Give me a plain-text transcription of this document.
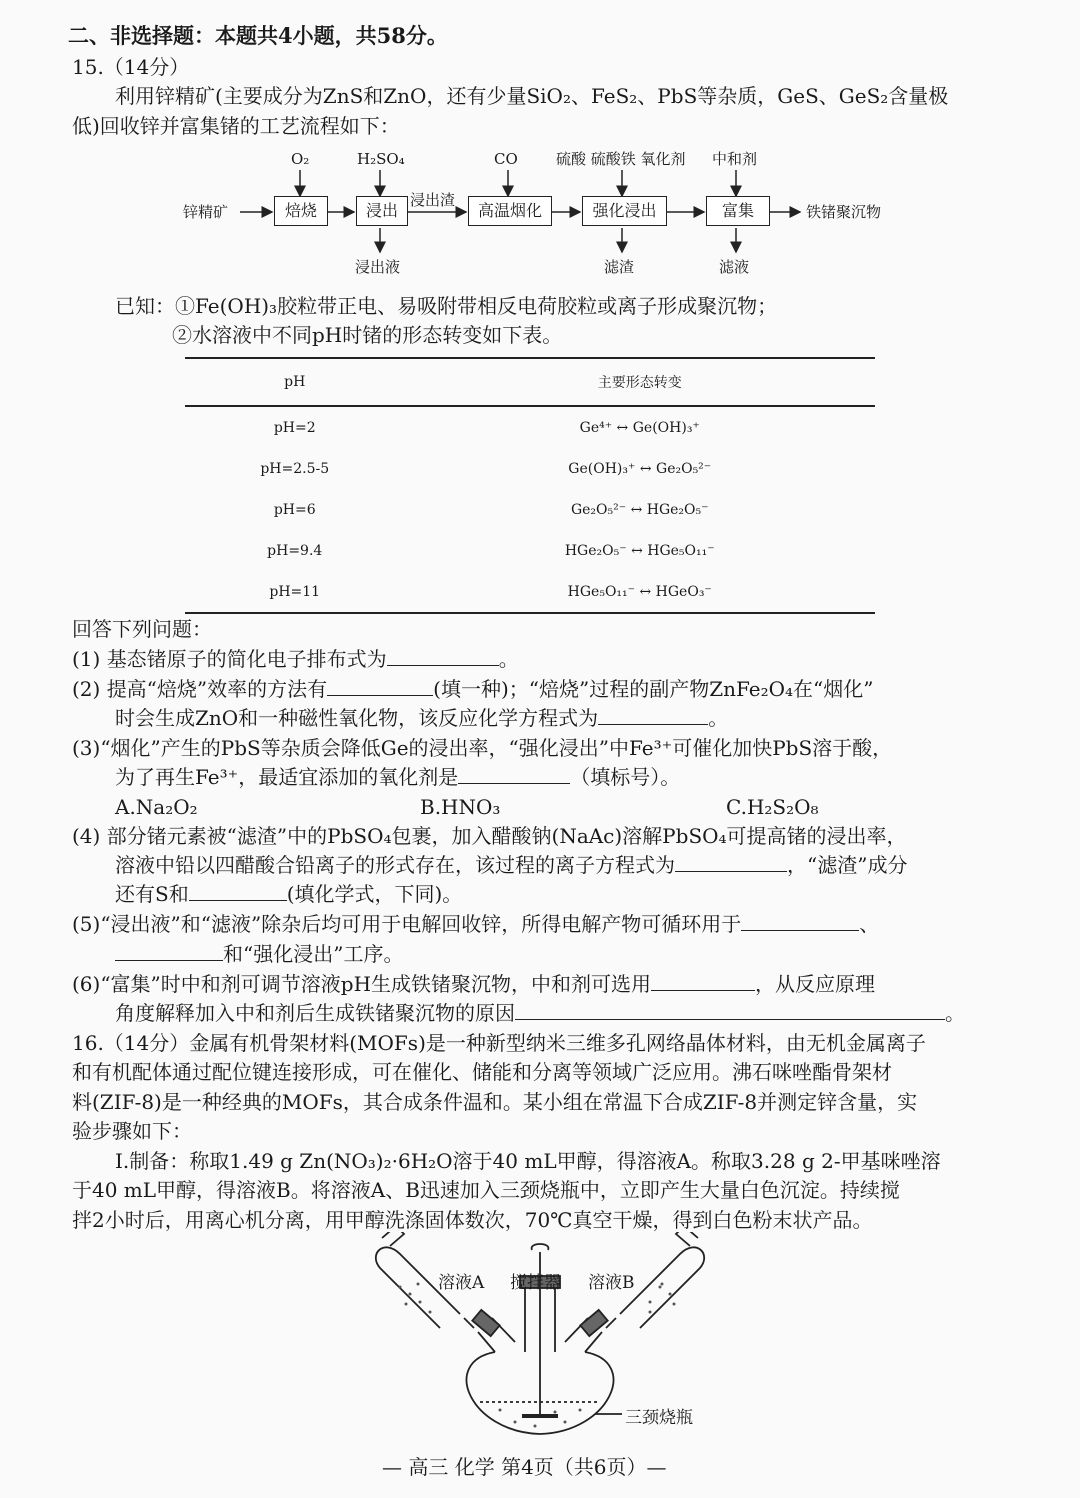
二、非选择题：本题共4小题，共58分。
15.（14分）
利用锌精矿(主要成分为ZnS和ZnO，还有少量SiO₂、FeS₂、PbS等杂质，GeS、GeS₂含量极
低)回收锌并富集锗的工艺流程如下：
锌精矿	焙烧	浸出	高温烟化	强化浸出	富集
O₂	H₂SO₄	CO	硫酸 硫酸铁 氧化剂 中和剂
浸出渣
浸出液	滤渣	滤液
铁锗聚沉物
已知：①Fe(OH)₃胶粒带正电、易吸附带相反电荷胶粒或离子形成聚沉物；
②水溶液中不同pH时锗的形态转变如下表。
pH	主要形态转变
pH=2	Ge⁴⁺ ↔ Ge(OH)₃⁺
pH=2.5-5	Ge(OH)₃⁺ ↔ Ge₂O₅²⁻
pH=6	Ge₂O₅²⁻ ↔ HGe₂O₅⁻
pH=9.4	HGe₂O₅⁻ ↔ HGe₅O₁₁⁻
pH=11	HGe₅O₁₁⁻ ↔ HGeO₃⁻
回答下列问题：
(1) 基态锗原子的简化电子排布式为	。
(2) 提高“焙烧”效率的方法有	(填一种)；“焙烧”过程的副产物ZnFe₂O₄在“烟化”
时会生成ZnO和一种磁性氧化物，该反应化学方程式为	。
(3)“烟化”产生的PbS等杂质会降低Ge的浸出率，“强化浸出”中Fe³⁺可催化加快PbS溶于酸，
为了再生Fe³⁺，最适宜添加的氧化剂是	（填标号）。
A.Na₂O₂	B.HNO₃	C.H₂S₂O₈
(4) 部分锗元素被“滤渣”中的PbSO₄包裹，加入醋酸钠(NaAc)溶解PbSO₄可提高锗的浸出率，
溶液中铅以四醋酸合铅离子的形式存在，该过程的离子方程式为	，“滤渣”成分
还有S和	(填化学式，下同)。
(5)“浸出液”和“滤液”除杂后均可用于电解回收锌，所得电解产物可循环用于	、
和“强化浸出”工序。
(6)“富集”时中和剂可调节溶液pH生成铁锗聚沉物，中和剂可选用	，从反应原理
角度解释加入中和剂后生成铁锗聚沉物的原因	。
16.（14分）金属有机骨架材料(MOFs)是一种新型纳米三维多孔网络晶体材料，由无机金属离子
和有机配体通过配位键连接形成，可在催化、储能和分离等领域广泛应用。沸石咪唑酯骨架材
料(ZIF-8)是一种经典的MOFs，其合成条件温和。某小组在常温下合成ZIF-8并测定锌含量，实
验步骤如下：
Ⅰ.制备：称取1.49 g Zn(NO₃)₂·6H₂O溶于40 mL甲醇，得溶液A。称取3.28 g 2-甲基咪唑溶
于40 mL甲醇，得溶液B。将溶液A、B迅速加入三颈烧瓶中，立即产生大量白色沉淀。持续搅
拌2小时后，用离心机分离，用甲醇洗涤固体数次，70℃真空干燥，得到白色粉末状产品。
溶液A 搅拌器 溶液B
三颈烧瓶
— 高三 化学 第4页（共6页）—
